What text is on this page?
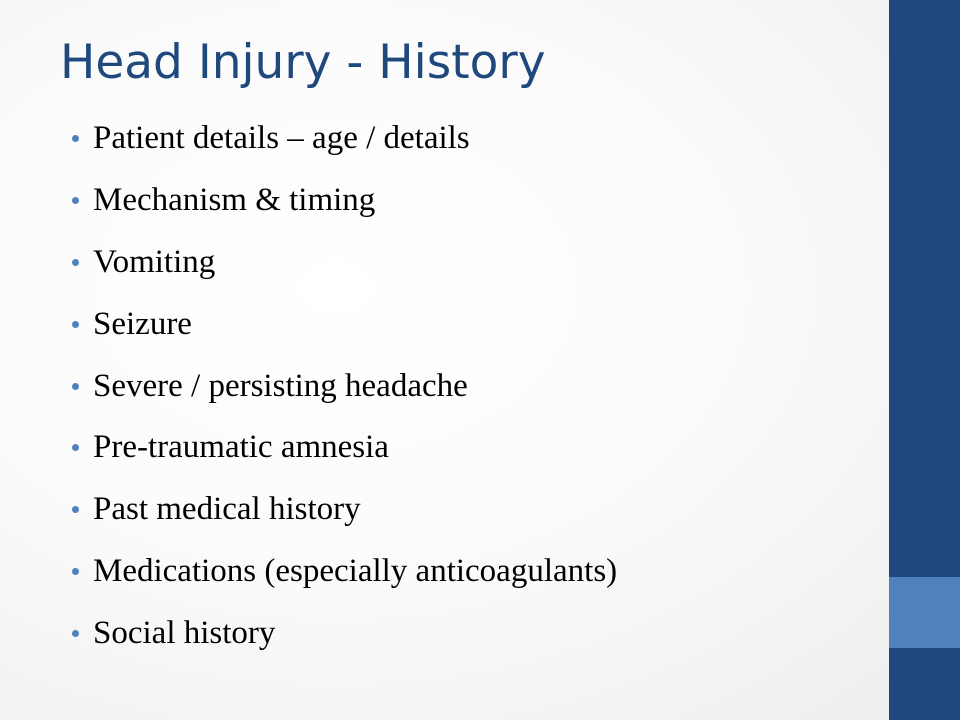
Head Injury - History
Patient details – age / details
Mechanism & timing
Vomiting
Seizure
Severe / persisting headache
Pre-traumatic amnesia
Past medical history
Medications (especially anticoagulants)
Social history
